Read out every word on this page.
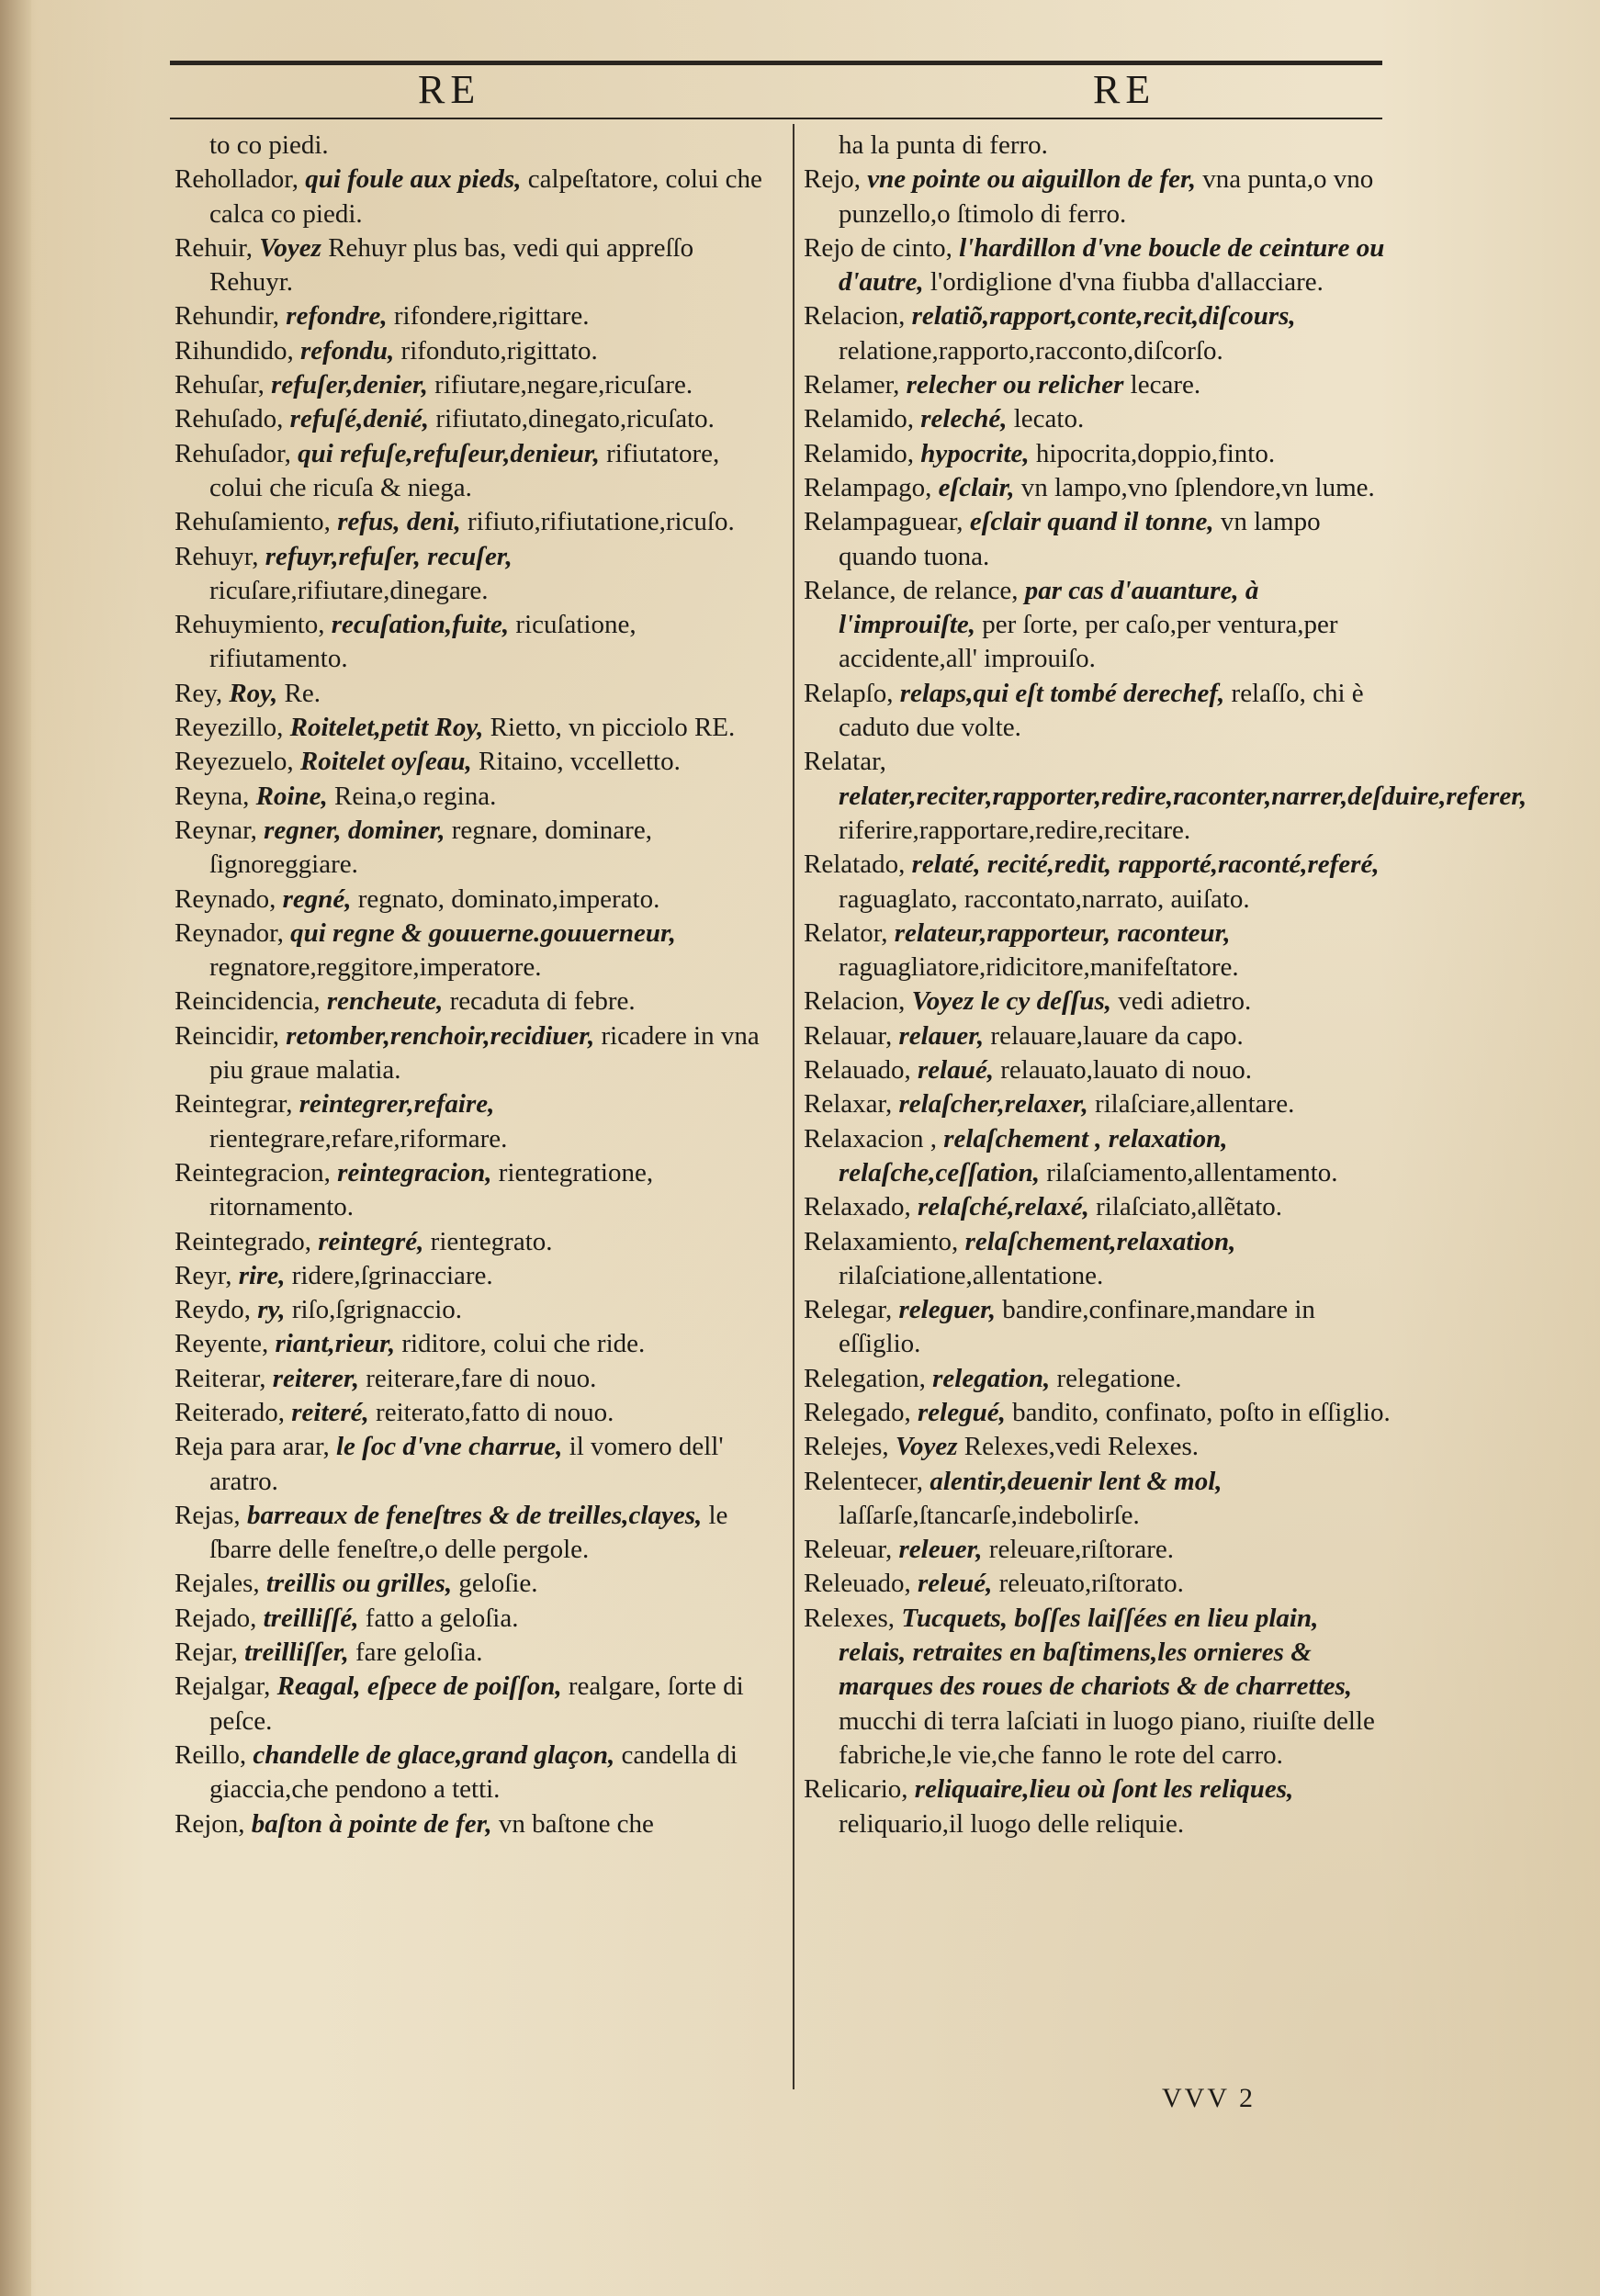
RE	RE
to co piedi.
Rehollador, qui foule aux pieds, calpeſtatore, colui che calca co piedi.
Rehuir, Voyez Rehuyr plus bas, vedi qui appreſſo Rehuyr.
Rehundir, refondre, rifondere,rigittare.
Rihundido, refondu, rifonduto,rigittato.
Rehuſar, refuſer,denier, rifiutare,negare,ricuſare.
Rehuſado, refuſé,denié, rifiutato,dinegato,ricuſato.
Rehuſador, qui refuſe,refuſeur,denieur, rifiutatore, colui che ricuſa & niega.
Rehuſamiento, refus, deni, rifiuto,rifiutatione,ricuſo.
Rehuyr, refuyr,refuſer, recuſer, ricuſare,rifiutare,dinegare.
Rehuymiento, recuſation,fuite, ricuſatione, rifiutamento.
Rey, Roy, Re.
Reyezillo, Roitelet,petit Roy, Rietto, vn picciolo RE.
Reyezuelo, Roitelet oyſeau, Ritaino, vccelletto.
Reyna, Roine, Reina,o regina.
Reynar, regner, dominer, regnare, dominare, ſignoreggiare.
Reynado, regné, regnato, dominato,imperato.
Reynador, qui regne & gouuerne.gouuerneur, regnatore,reggitore,imperatore.
Reincidencia, rencheute, recaduta di febre.
Reincidir, retomber,renchoir,recidiuer, ricadere in vna piu graue malatia.
Reintegrar, reintegrer,refaire, rientegrare,refare,riformare.
Reintegracion, reintegracion, rientegratione, ritornamento.
Reintegrado, reintegré, rientegrato.
Reyr, rire, ridere,ſgrinacciare.
Reydo, ry, riſo,ſgrignaccio.
Reyente, riant,rieur, riditore, colui che ride.
Reiterar, reiterer, reiterare,fare di nouo.
Reiterado, reiteré, reiterato,fatto di nouo.
Reja para arar, le ſoc d'vne charrue, il vomero dell' aratro.
Rejas, barreaux de feneſtres & de treilles,clayes, le ſbarre delle feneſtre,o delle pergole.
Rejales, treillis ou grilles, geloſie.
Rejado, treilliſſé, fatto a geloſia.
Rejar, treilliſſer, fare geloſia.
Rejalgar, Reagal, eſpece de poiſſon, realgare, ſorte di peſce.
Reillo, chandelle de glace,grand glaçon, candella di giaccia,che pendono a tetti.
Rejon, baſton à pointe de fer, vn baſtone che
ha la punta di ferro.
Rejo, vne pointe ou aiguillon de fer, vna punta,o vno punzello,o ſtimolo di ferro.
Rejo de cinto, l'hardillon d'vne boucle de ceinture ou d'autre, l'ordiglione d'vna fiubba d'allacciare.
Relacion, relatiõ,rapport,conte,recit,diſcours, relatione,rapporto,racconto,diſcorſo.
Relamer, relecher ou relicher lecare.
Relamido, releché, lecato.
Relamido, hypocrite, hipocrita,doppio,finto.
Relampago, eſclair, vn lampo,vno ſplendore,vn lume.
Relampaguear, eſclair quand il tonne, vn lampo quando tuona.
Relance, de relance, par cas d'auanture, à l'improuiſte, per ſorte, per caſo,per ventura,per accidente,all' improuiſo.
Relapſo, relaps,qui eſt tombé derechef, relaſſo, chi è caduto due volte.
Relatar, relater,reciter,rapporter,redire,raconter,narrer,deſduire,referer, riferire,rapportare,redire,recitare.
Relatado, relaté, recité,redit, rapporté,raconté,referé, raguaglato, raccontato,narrato, auiſato.
Relator, relateur,rapporteur, raconteur, raguagliatore,ridicitore,manifeſtatore.
Relacion, Voyez le cy deſſus, vedi adietro.
Relauar, relauer, relauare,lauare da capo.
Relauado, relaué, relauato,lauato di nouo.
Relaxar, relaſcher,relaxer, rilaſciare,allentare.
Relaxacion , relaſchement , relaxation, relaſche,ceſſation, rilaſciamento,allentamento.
Relaxado, relaſché,relaxé, rilaſciato,allẽtato.
Relaxamiento, relaſchement,relaxation, rilaſciatione,allentatione.
Relegar, releguer, bandire,confinare,mandare in eſſiglio.
Relegation, relegation, relegatione.
Relegado, relegué, bandito, confinato, poſto in eſſiglio.
Relejes, Voyez Relexes,vedi Relexes.
Relentecer, alentir,deuenir lent & mol, laſſarſe,ſtancarſe,indebolirſe.
Releuar, releuer, releuare,riſtorare.
Releuado, releué, releuato,riſtorato.
Relexes, Tucquets, boſſes laiſſées en lieu plain, relais, retraites en baſtimens,les ornieres & marques des roues de chariots & de charrettes, mucchi di terra laſciati in luogo piano, riuiſte delle fabriche,le vie,che fanno le rote del carro.
Relicario, reliquaire,lieu où ſont les reliques, reliquario,il luogo delle reliquie.
VVV 2
